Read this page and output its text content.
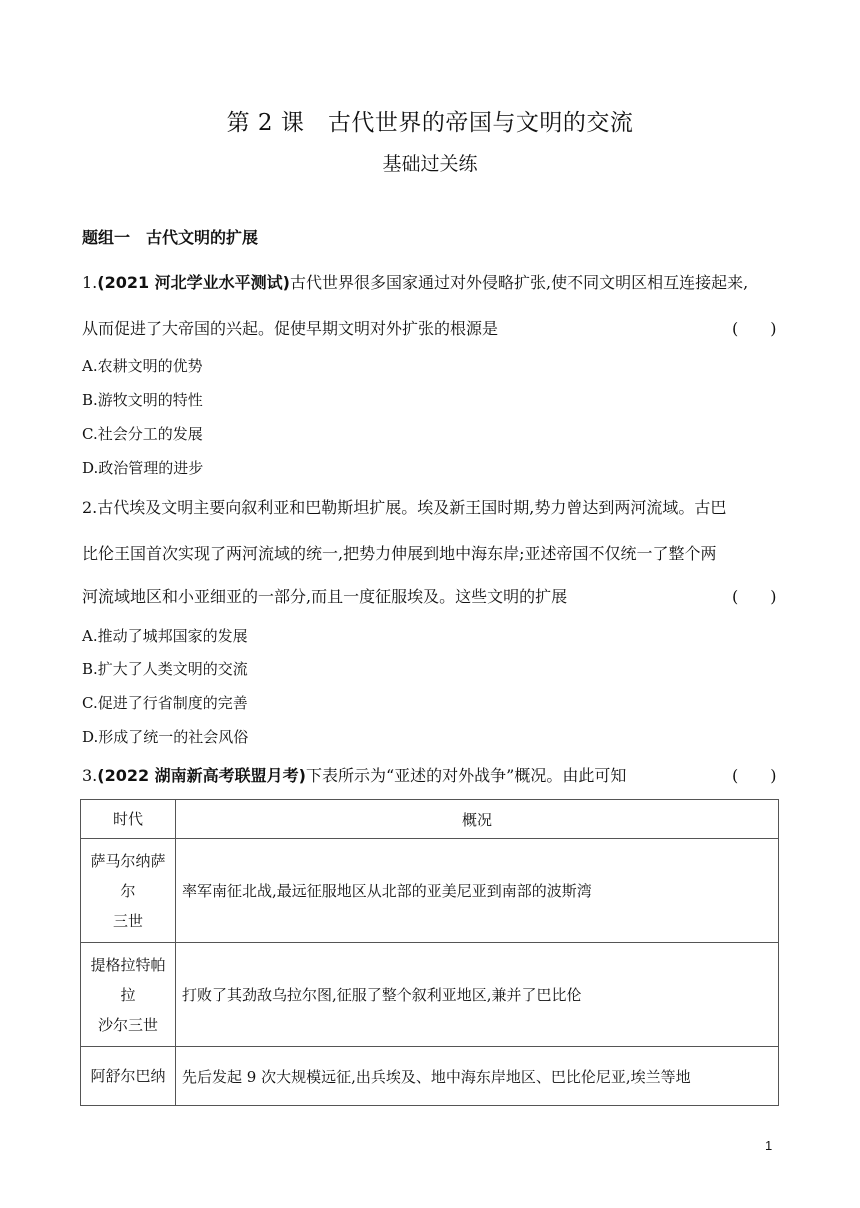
第 2 课　古代世界的帝国与文明的交流
基础过关练
题组一　古代文明的扩展
1.(2021 河北学业水平测试)古代世界很多国家通过对外侵略扩张,使不同文明区相互连接起来,
从而促进了大帝国的兴起。促使早期文明对外扩张的根源是	(　　)
A.农耕文明的优势
B.游牧文明的特性
C.社会分工的发展
D.政治管理的进步
2.古代埃及文明主要向叙利亚和巴勒斯坦扩展。埃及新王国时期,势力曾达到两河流域。古巴
比伦王国首次实现了两河流域的统一,把势力伸展到地中海东岸;亚述帝国不仅统一了整个两
河流域地区和小亚细亚的一部分,而且一度征服埃及。这些文明的扩展	(　　)
A.推动了城邦国家的发展
B.扩大了人类文明的交流
C.促进了行省制度的完善
D.形成了统一的社会风俗
3.(2022 湖南新高考联盟月考)下表所示为“亚述的对外战争”概况。由此可知	(　　)
时代	概况

萨马尔纳萨
尔
三世	率军南征北战,最远征服地区从北部的亚美尼亚到南部的波斯湾

提格拉特帕
拉
沙尔三世	打败了其劲敌乌拉尔图,征服了整个叙利亚地区,兼并了巴比伦

阿舒尔巴纳	先后发起 9 次大规模远征,出兵埃及、地中海东岸地区、巴比伦尼亚,埃兰等地
1
